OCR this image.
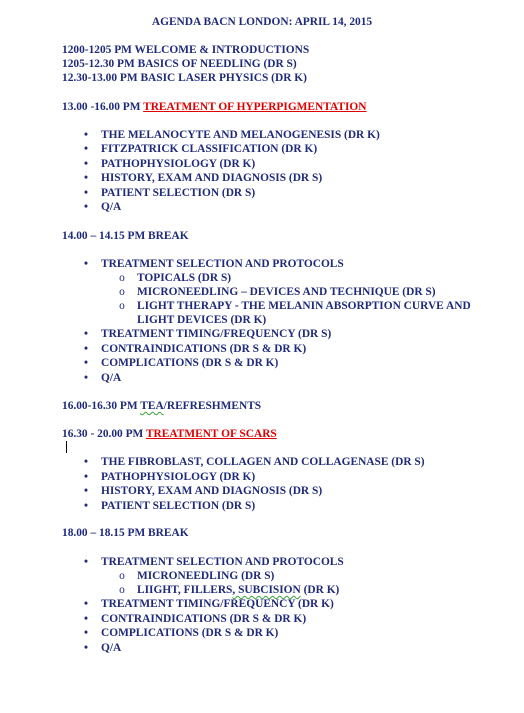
AGENDA BACN LONDON: APRIL 14, 2015
1200-1205 PM WELCOME & INTRODUCTIONS
1205-12.30 PM BASICS OF NEEDLING (DR S)
12.30-13.00 PM BASIC LASER PHYSICS (DR K)
13.00 -16.00 PM TREATMENT OF HYPERPIGMENTATION
• THE MELANOCYTE AND MELANOGENESIS (DR K)
• FITZPATRICK CLASSIFICATION (DR K)
• PATHOPHYSIOLOGY (DR K)
• HISTORY, EXAM AND DIAGNOSIS (DR S)
• PATIENT SELECTION (DR S)
• Q/A
14.00 – 14.15 PM BREAK
• TREATMENT SELECTION AND PROTOCOLS
o TOPICALS (DR S)
o MICRONEEDLING – DEVICES AND TECHNIQUE (DR S)
o LIGHT THERAPY - THE MELANIN ABSORPTION CURVE AND
LIGHT DEVICES (DR K)
• TREATMENT TIMING/FREQUENCY (DR S)
• CONTRAINDICATIONS (DR S & DR K)
• COMPLICATIONS (DR S & DR K)
• Q/A
16.00-16.30 PM TEA/REFRESHMENTS
16.30 - 20.00 PM TREATMENT OF SCARS
• THE FIBROBLAST, COLLAGEN AND COLLAGENASE (DR S)
• PATHOPHYSIOLOGY (DR K)
• HISTORY, EXAM AND DIAGNOSIS (DR S)
• PATIENT SELECTION (DR S)
18.00 – 18.15 PM BREAK
• TREATMENT SELECTION AND PROTOCOLS
o MICRONEEDLING (DR S)
o LIIGHT, FILLERS, SUBCISION (DR K)
• TREATMENT TIMING/FREQUENCY (DR K)
• CONTRAINDICATIONS (DR S & DR K)
• COMPLICATIONS (DR S & DR K)
• Q/A
